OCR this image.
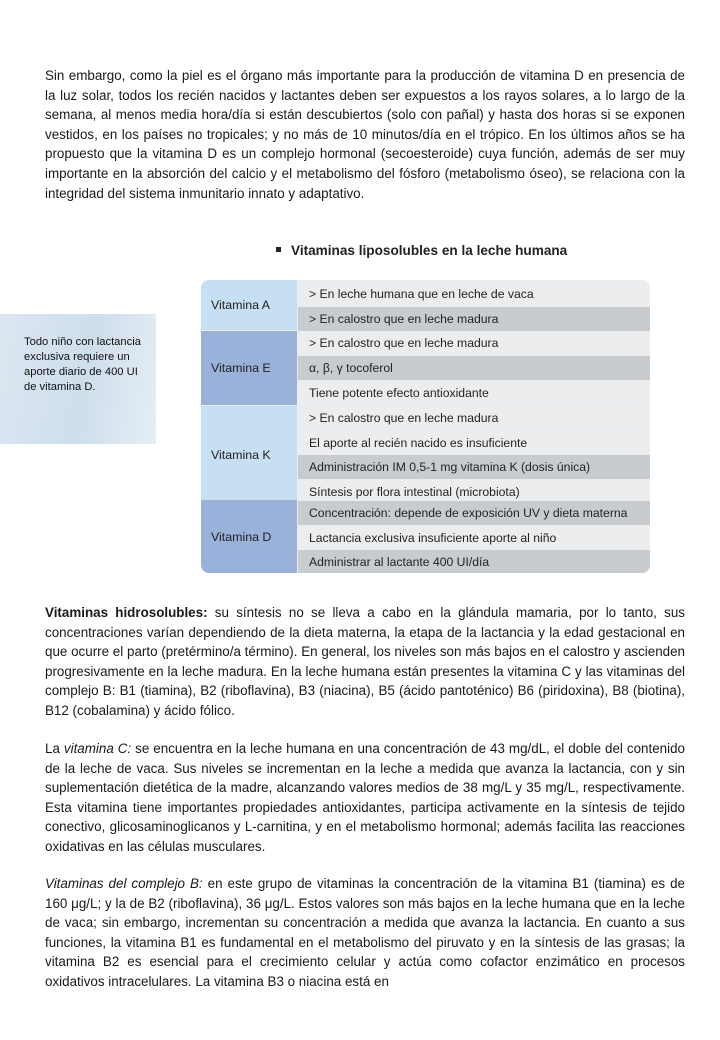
Sin embargo, como la piel es el órgano más importante para la producción de vitamina D en presencia de la luz solar, todos los recién nacidos y lactantes deben ser expuestos a los rayos solares, a lo largo de la semana, al menos media hora/día si están descubiertos (solo con pañal) y hasta dos horas si se exponen vestidos, en los países no tropicales; y no más de 10 minutos/día en el trópico. En los últimos años se ha propuesto que la vitamina D es un complejo hormonal (secoesteroide) cuya función, además de ser muy importante en la absorción del calcio y el metabolismo del fósforo (metabolismo óseo), se relaciona con la integridad del sistema inmunitario innato y adaptativo.

Vitaminas liposolubles en la leche humana
Todo niño con lactancia exclusiva requiere un aporte diario de 400 UI de vitamina D.
Vitamina A
> En leche humana que en leche de vaca
> En calostro que en leche madura
Vitamina E
> En calostro que en leche madura
α, β, γ tocoferol
Tiene potente efecto antioxidante
Vitamina K
> En calostro que en leche madura
El aporte al recién nacido es insuficiente
Administración IM 0,5-1 mg vitamina K (dosis única)
Síntesis por flora intestinal (microbiota)
Vitamina D
Concentración: depende de exposición UV y dieta materna
Lactancia exclusiva insuficiente aporte al niño
Administrar al lactante 400 UI/día

Vitaminas hidrosolubles: su síntesis no se lleva a cabo en la glándula mamaria, por lo tanto, sus concentraciones varían dependiendo de la dieta materna, la etapa de la lactancia y la edad gestacional en que ocurre el parto (pretérmino/a término). En general, los niveles son más bajos en el calostro y ascienden progresivamente en la leche madura. En la leche humana están presentes la vitamina C y las vitaminas del complejo B: B1 (tiamina), B2 (riboflavina), B3 (niacina), B5 (ácido pantoténico) B6 (piridoxina), B8 (biotina), B12 (cobalamina) y ácido fólico.

La vitamina C: se encuentra en la leche humana en una concentración de 43 mg/dL, el doble del contenido de la leche de vaca. Sus niveles se incrementan en la leche a medida que avanza la lactancia, con y sin suplementación dietética de la madre, alcanzando valores medios de 38 mg/L y 35 mg/L, respectivamente. Esta vitamina tiene importantes propiedades antioxidantes, participa activamente en la síntesis de tejido conectivo, glicosaminoglicanos y L-carnitina, y en el metabolismo hormonal; además facilita las reacciones oxidativas en las células musculares.

Vitaminas del complejo B: en este grupo de vitaminas la concentración de la vitamina B1 (tiamina) es de 160 μg/L; y la de B2 (riboflavina), 36 μg/L. Estos valores son más bajos en la leche humana que en la leche de vaca; sin embargo, incrementan su concentración a medida que avanza la lactancia. En cuanto a sus funciones, la vitamina B1 es fundamental en el metabolismo del piruvato y en la síntesis de las grasas; la vitamina B2 es esencial para el crecimiento celular y actúa como cofactor enzimático en procesos oxidativos intracelulares. La vitamina B3 o niacina está en
